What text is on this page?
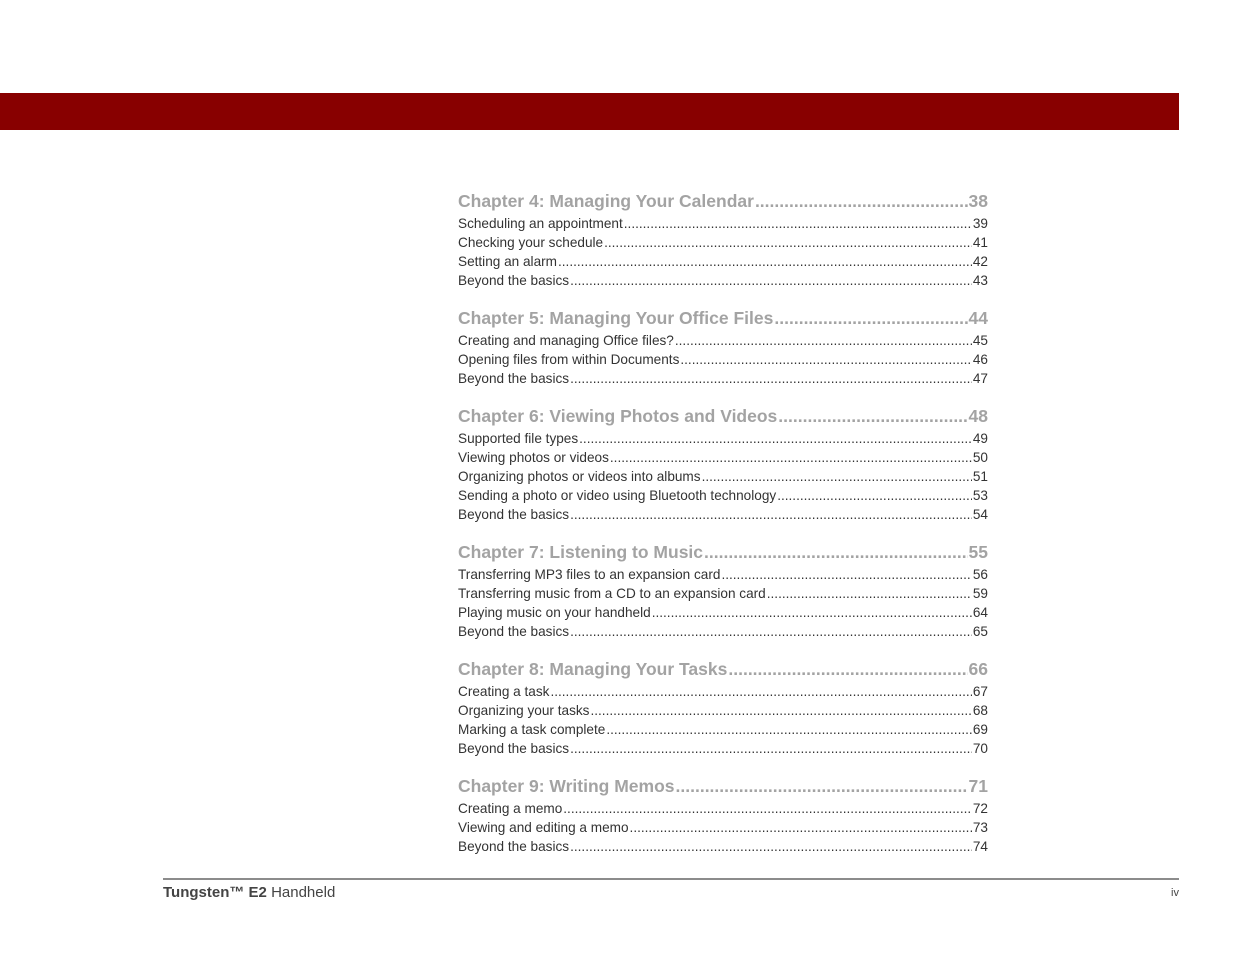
Chapter 4: Managing Your Calendar .....	38
Scheduling an appointment .....	39
Checking your schedule .....	41
Setting an alarm .....	42
Beyond the basics .....	43
Chapter 5: Managing Your Office Files .....	44
Creating and managing Office files? .....	45
Opening files from within Documents .....	46
Beyond the basics .....	47
Chapter 6: Viewing Photos and Videos .....	48
Supported file types .....	49
Viewing photos or videos .....	50
Organizing photos or videos into albums .....	51
Sending a photo or video using Bluetooth technology .....	53
Beyond the basics .....	54
Chapter 7: Listening to Music .....	55
Transferring MP3 files to an expansion card .....	56
Transferring music from a CD to an expansion card .....	59
Playing music on your handheld .....	64
Beyond the basics .....	65
Chapter 8: Managing Your Tasks .....	66
Creating a task .....	67
Organizing your tasks .....	68
Marking a task complete .....	69
Beyond the basics .....	70
Chapter 9: Writing Memos .....	71
Creating a memo .....	72
Viewing and editing a memo .....	73
Beyond the basics .....	74
Tungsten™ E2 Handheld	iv
